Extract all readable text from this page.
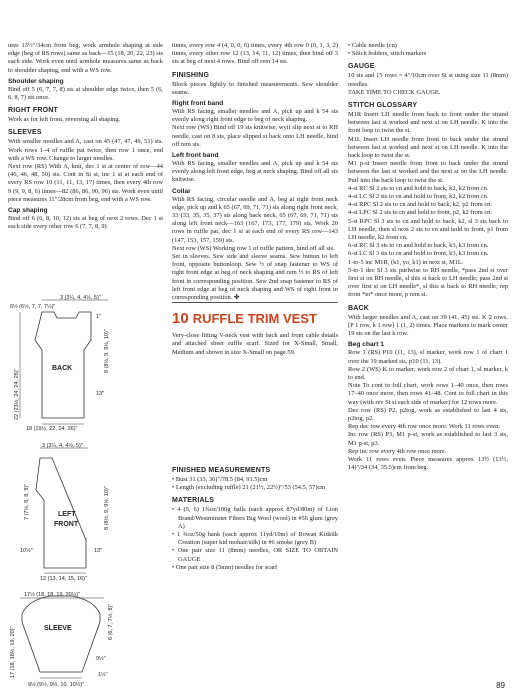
ures 13½"/34cm from beg, work armhole shaping at side edge (beg of RS rows) same as back—15 (18, 20, 22, 23) sts each side. Work even until armhole measures same as back to shoulder shaping, end with a WS row.

Shoulder shaping

Bind off 5 (6, 7, 7, 8) sts at shoulder edge twice, then 5 (6, 6, 8, 7) sts once.

RIGHT FRONT

Work as for left front, reversing all shaping.

SLEEVES

With smaller needles and A, cast on 45 (47, 47, 49, 51) sts. Work rows 1–4 of ruffle pat twice, then row 1 once, end with a WS row. Change to larger needles.

Next row (RS) With A, knit, dec 1 st at center of row—44 (46, 46, 48, 50) sts. Cont in St st, inc 1 st at each end of every RS row 10 (11, 11, 13, 17) times, then every 4th row 9 (9, 9, 8, 6) times—82 (86, 86, 90, 96) sts. Work even until piece measures 11"/28cm from beg, end with a WS row.

Cap shaping

Bind off 6 (6, 8, 10, 12) sts at beg of next 2 rows. Dec 1 st each side every other row 6 (7, 7, 8, 9)

3 (3¼, 4, 4½, 5)"
6½ (6½, 7, 7, 7½)"
1"
8 (8½, 9, 9½, 10)"
13"
BACK
22 (23½, 24, 24, 26)"
18 (19½, 22, 24, 26)"
3 (3¼, 4, 4½, 5)"
7 (7½, 8, 8, 9)"	8 (8½, 9, 9½, 10)"
13"
10½"
LEFT
FRONT
12 (13, 14, 15, 16)"
17½ (18, 18, 19, 20¼)"
17 (18, 18½, 19, 20)"
6 (6, 7, 7½, 8)"
SLEEVE
9½"
1½"
9½ (9½, 9½, 10, 10½)"

times, every row 4 (4, 0, 0, 0) times, every 4th row 0 (0, 1, 3, 2) times, every other row 12 (13, 14, 11, 12) times, then bind off 3 sts at beg of next 4 rows. Bind off rem 14 sts.

FINISHING

Block pieces lightly to finished measurements. Sew shoulder seams.

Right front band

With RS facing, smaller needles and A, pick up and k 54 sts evenly along right front edge to beg of neck shaping.

Next row (WS) Bind off 19 sts knitwise, wyif slip next st to RH needle, cast on 8 sts, place slipped st back onto LH needle, bind off rem sts.

Left front band

With RS facing, smaller needles and A, pick up and k 54 sts evenly along left front edge, beg at neck shaping. Bind off all sts knitwise.

Collar

With RS facing, circular needle and A, beg at right front neck edge, pick up and k 65 (67, 69, 71, 71) sts along right front neck, 33 (33, 35, 35, 37) sts along back neck, 65 (67, 69, 71, 71) sts along left front neck—163 (167, 173, 177, 179) sts. Work 20 rows in ruffle pat, dec 1 st at each end of every RS row—143 (147, 153, 157, 159) sts.

Next row (WS) Working row 1 of ruffle pattern, bind off all sts.

Set in sleeves. Sew side and sleeve seams. Sew button to left front, opposite buttonloop. Sew ½ of snap fastener to WS of right front edge at beg of neck shaping and rem ½ to RS of left front in corresponding position. Sew 2nd snap fastener to RS of left front edge at beg of neck shaping and WS of right front in corresponding position. ✤

10 RUFFLE TRIM VEST

Very-close fitting V-neck vest with back and front cable details and attached sheer ruffle scarf. Sized for X-Small, Small, Medium and shown in size X-Small on page 59.

FINISHED MEASUREMENTS

• Bust 31 (33, 36)"/78.5 (84, 91.5)cm

• Length (excluding ruffle) 21 (21½, 22½)"/53 (54.5, 57)cm

MATERIALS

• 4 (5, 6) 1¾oz/100g balls (each approx 87yd/80m) of Lion Brand/Westminster Fibers Big Wool (wool) in #56 glum (grey A)

• 1 ¾oz/50g hank (each approx 11yd/10m) of Rowan Kidsilk Creation (super kid mohair/silk) in #6 smoke (grey B)

• One pair size 11 (8mm) needles, OR SIZE TO OBTAIN GAUGE

• One pair size 8 (5mm) needles for scarf

• Cable needle (cn)

• Stitch holders, stitch markers

GAUGE

10 sts and 15 rows = 4"/10cm over St st using size 11 (8mm) needles.

TAKE TIME TO CHECK GAUGE.

STITCH GLOSSARY

M1R Insert LH needle from back to front under the strand between last st worked and next st on LH needle. K into the front loop to twist the st.

M1L Insert LH needle from front to back under the strand between last st worked and next st on LH needle. K into the back loop to twist the st.

M1 p-st Insert needle from front to back under the strand between the last st worked and the next st on the LH needle. Purl into the back loop to twist the st.

4-st RC Sl 2 sts to cn and hold to back, k2, k2 from cn.

4-st LC Sl 2 sts to cn and hold to front, k2, k2 from cn.

4-st RPC Sl 2 sts to cn and hold to back, k2, p2 from cn.

4-st LPC Sl 2 sts to cn and hold to front, p2, k2 from cn.

5-st RPC Sl 3 sts to cn and hold to back, k2, sl 3 sts back to LH needle, then sl next 2 sts to cn and hold to front, p1 from LH needle, k2 from cn.

6-st RC Sl 3 sts to cn and hold to back, k3, k3 from cn.

6-st LC Sl 3 sts to cn and hold to front, k3, k3 from cn.

1-to-5 inc M1R, (k1, yo, k1) in next st, M1L.

5-to-1 dec Sl 3 sts purlwise to RH needle, *pass 2nd st over first st on RH needle, sl this st back to LH needle; pass 2nd st over first st on LH needle*, sl this st back to RH needle; rep from *to* once more, p rem st.

BACK

With larger needles and A, cast on 39 (41, 45) sts. K 2 rows. [P 1 row, k 1 row] 1 (1, 2) times. Place markers to mark center 19 sts on the last k row.

Beg chart 1

Row 1 (RS) P10 (11, 13), sl marker, work row 1 of chart 1 over the 19 marked sts, p10 (11, 13).

Row 2 (WS) K to marker, work row 2 of chart 1, sl marker, k to end.

Note To cont to foll chart, work rows 1–40 once, then rows 17–40 once more, then rows 41–48. Cont to foll chart in this way (with rev St st each side of marker) for 12 rows more.

Dec row (RS) P2, p2tog, work as established to last 4 sts, p2tog, p2.

Rep dec row every 4th row once more. Work 11 rows even.

Inc row (RS) P3, M1 p-st, work as established to last 3 sts, M1 p-st, p3.

Rep inc row every 4th row once more.

Work 11 rows even. Piece measures approx 13½ (13½, 14)"/34 (34, 35.5)cm from beg.

89
